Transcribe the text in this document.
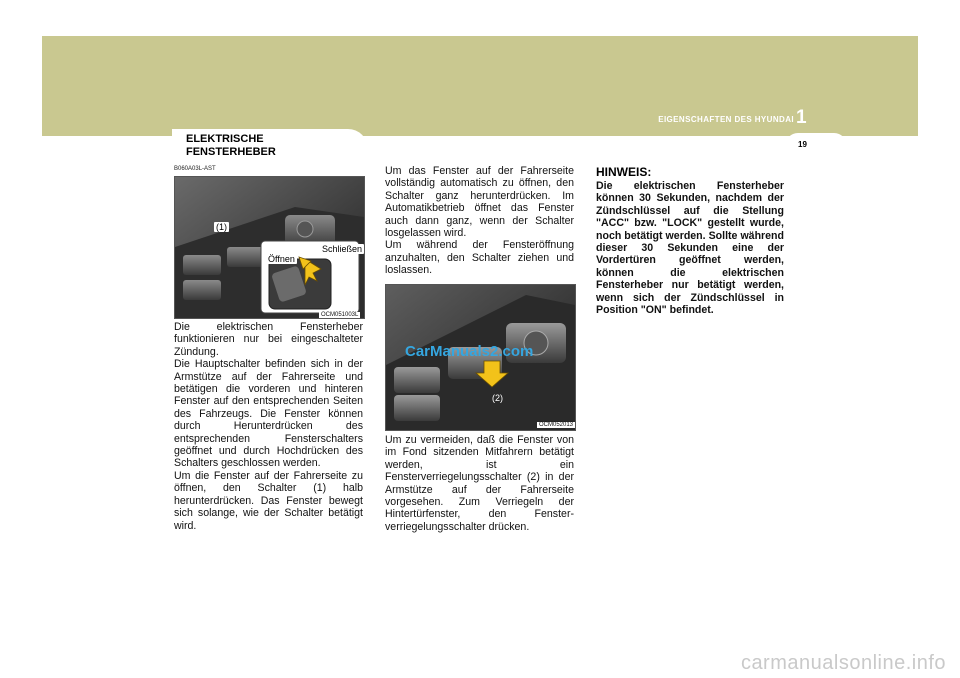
EIGENSCHAFTEN DES HYUNDAI 1
19
ELEKTRISCHE FENSTERHEBER
B060A03L-AST
(1)
Schließen
Öffnen
OCM051003L

Die elektrischen Fensterheber funktionieren nur bei eingeschalteter Zündung.

Die Hauptschalter befinden sich in der Armstütze auf der Fahrerseite und betätigen die vorderen und hinteren Fenster auf den entsprechenden Seiten des Fahrzeugs. Die Fenster können durch Herunterdrücken des entsprechenden Fensterschalters geöffnet und durch Hochdrücken des Schalters geschlossen werden.

Um die Fenster auf der Fahrerseite zu öffnen, den Schalter (1) halb herunterdrücken. Das Fenster bewegt sich solange, wie der Schalter betätigt wird.

Um das Fenster auf der Fahrerseite vollständig automatisch zu öffnen, den Schalter ganz herunterdrücken. Im Automatikbetrieb öffnet das Fenster auch dann ganz, wenn der Schalter losgelassen wird.

Um während der Fensteröffnung anzuhalten, den Schalter ziehen und loslassen.

CarManuals2.com
(2)
OCM052013
Um zu vermeiden, daß die Fenster von im Fond sitzenden Mitfahrern betätigt werden, ist ein Fensterverriegelungsschalter (2) in der Armstütze auf der Fahrerseite vorgesehen. Zum Verriegeln der Hintertürfenster, den Fenster-verriegelungsschalter drücken.
HINWEIS:
Die elektrischen Fensterheber können 30 Sekunden, nachdem der Zündschlüssel auf die Stellung "ACC" bzw. "LOCK" gestellt wurde, noch betätigt werden. Sollte während dieser 30 Sekunden eine der Vordertüren geöffnet werden, können die elektrischen Fensterheber nur betätigt werden, wenn sich der Zündschlüssel in Position "ON" befindet.
carmanualsonline.info
